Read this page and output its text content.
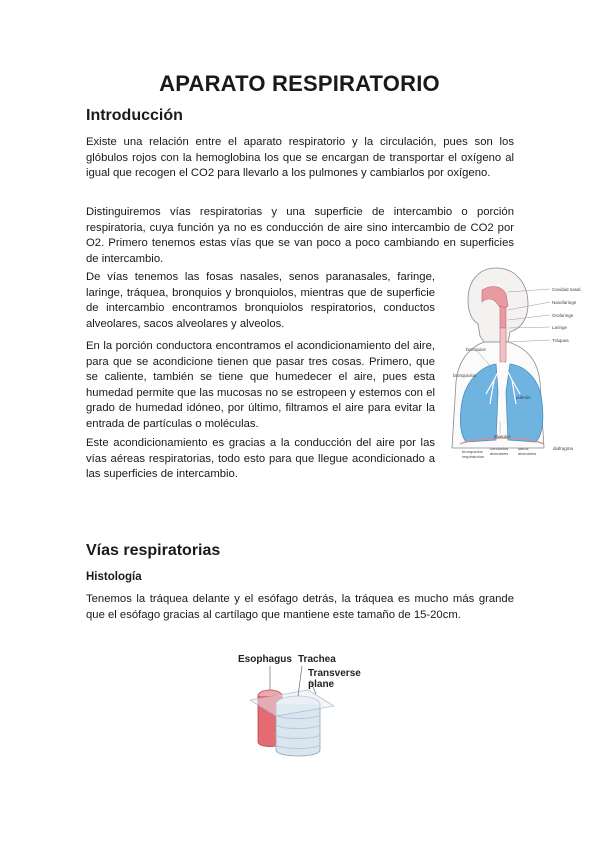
APARATO RESPIRATORIO
Introducción

Existe una relación entre el aparato respiratorio y la circulación, pues son los glóbulos rojos con la hemoglobina los que se encargan de transportar el oxígeno al igual que recogen el CO2 para llevarlo a los pulmones y cambiarlos por oxígeno.

Distinguiremos vías respiratorias y una superficie de intercambio o porción respiratoria, cuya función ya no es conducción de aire sino intercambio de CO2 por O2. Primero tenemos estas vías que se van poco a poco cambiando en superficies de intercambio.

De vías tenemos las fosas nasales, senos paranasales, faringe, laringe, tráquea, bronquios y bronquiolos, mientras que de superficie de intercambio encontramos bronquiolos respiratorios, conductos alveolares, sacos alveolares y alveolos.

En la porción conductora encontramos el acondicionamiento del aire, para que se acondicione tienen que pasar tres cosas. Primero, que se caliente, también se tiene que humedecer el aire, pues esta humedad permite que las mucosas no se estropeen y estemos con el grado de humedad idóneo, por último, filtramos el aire para evitar la entrada de partículas o moléculas.

Este acondicionamiento es gracias a la conducción del aire por las vías aéreas respiratorias, todo esto para que llegue acondicionado a las superficies de intercambio.

Cavidad nasal
Nasofaringe
Orofaringe
Laringe
Tráquea
bronquios
bronquiolos
pulmón
alveolos
bronquiolos
respiratorios
conductos
alveolares
sacos
alveolares
diafragma
Vías respiratorias
Histología

Tenemos la tráquea delante y el esófago detrás, la tráquea es mucho más grande que el esófago gracias al cartílago que mantiene este tamaño de 15-20cm.

Esophagus Trachea
Transverse
plane
